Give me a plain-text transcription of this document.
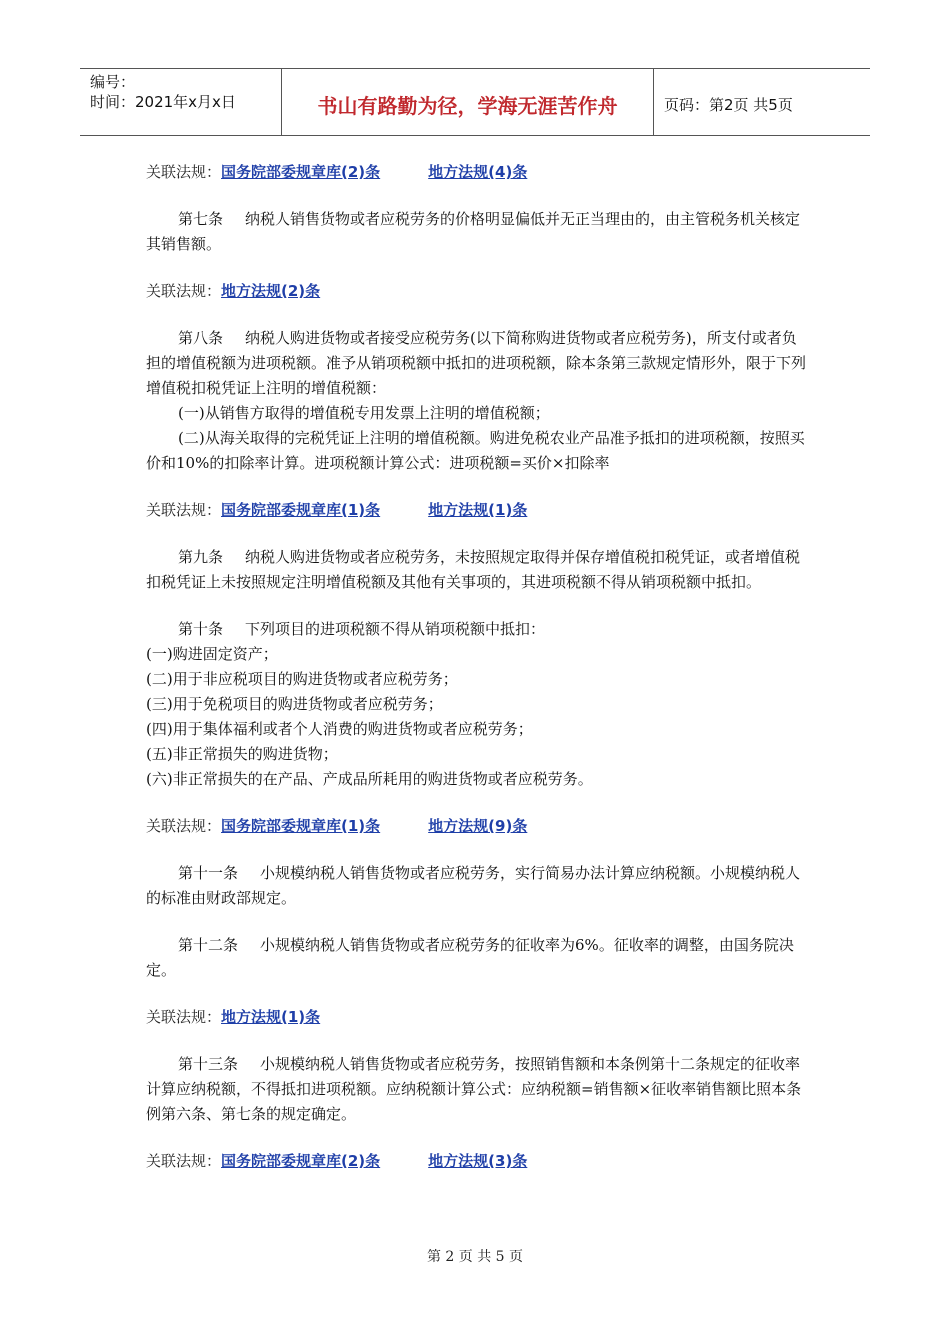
编号：
时间：2021年x月x日	书山有路勤为径，学海无涯苦作舟	页码：第2页 共5页

关联法规：国务院部委规章库(2)条	地方法规(4)条

第七条 纳税人销售货物或者应税劳务的价格明显偏低并无正当理由的，由主管税务机关核定其销售额。

关联法规：地方法规(2)条

第八条 纳税人购进货物或者接受应税劳务(以下简称购进货物或者应税劳务)，所支付或者负担的增值税额为进项税额。准予从销项税额中抵扣的进项税额，除本条第三款规定情形外，限于下列增值税扣税凭证上注明的增值税额：

(一)从销售方取得的增值税专用发票上注明的增值税额；

(二)从海关取得的完税凭证上注明的增值税额。购进免税农业产品准予抵扣的进项税额，按照买价和10%的扣除率计算。进项税额计算公式：进项税额=买价×扣除率

关联法规：国务院部委规章库(1)条	地方法规(1)条

第九条 纳税人购进货物或者应税劳务，未按照规定取得并保存增值税扣税凭证，或者增值税扣税凭证上未按照规定注明增值税额及其他有关事项的，其进项税额不得从销项税额中抵扣。

第十条 下列项目的进项税额不得从销项税额中抵扣：

(一)购进固定资产；

(二)用于非应税项目的购进货物或者应税劳务；

(三)用于免税项目的购进货物或者应税劳务；

(四)用于集体福利或者个人消费的购进货物或者应税劳务；

(五)非正常损失的购进货物；

(六)非正常损失的在产品、产成品所耗用的购进货物或者应税劳务。

关联法规：国务院部委规章库(1)条	地方法规(9)条

第十一条 小规模纳税人销售货物或者应税劳务，实行简易办法计算应纳税额。小规模纳税人的标准由财政部规定。

第十二条 小规模纳税人销售货物或者应税劳务的征收率为6%。征收率的调整，由国务院决定。

关联法规：地方法规(1)条

第十三条 小规模纳税人销售货物或者应税劳务，按照销售额和本条例第十二条规定的征收率计算应纳税额，不得抵扣进项税额。应纳税额计算公式：应纳税额=销售额×征收率销售额比照本条例第六条、第七条的规定确定。

关联法规：国务院部委规章库(2)条	地方法规(3)条

第 2 页 共 5 页
